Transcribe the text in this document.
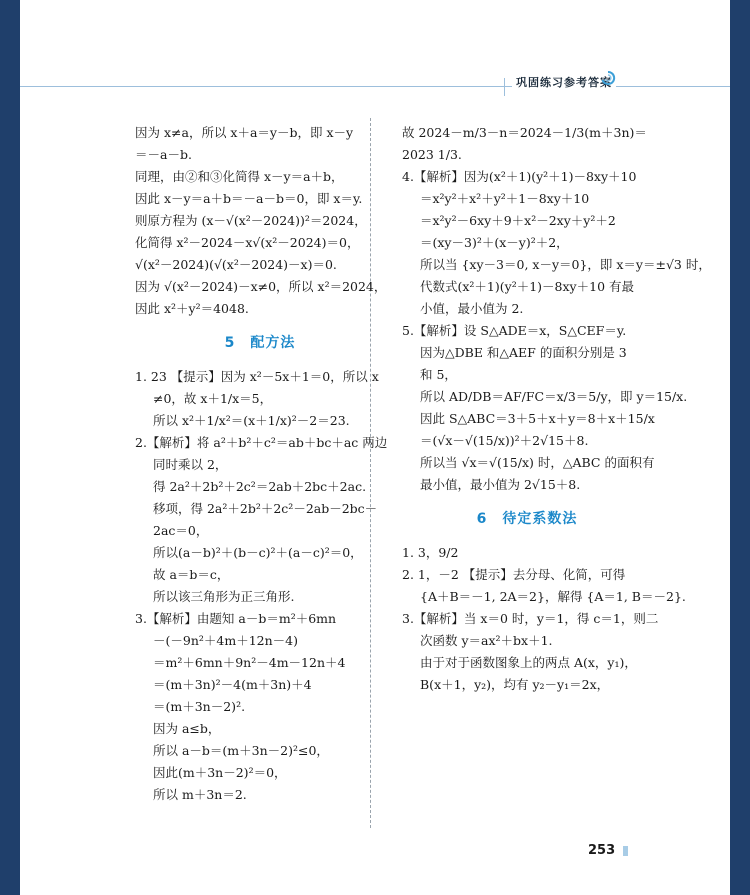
巩固练习参考答案
因为 x≠a，所以 x＋a＝y－b，即 x－y
＝－a－b.
同理，由②和③化简得 x－y＝a＋b，
因此 x－y＝a＋b＝－a－b＝0，即 x＝y.
则原方程为 (x－√(x²－2024))²＝2024，
化简得 x²－2024－x√(x²－2024)＝0，
√(x²－2024)(√(x²－2024)－x)＝0.
因为 √(x²－2024)－x≠0，所以 x²＝2024，
因此 x²＋y²＝4048.
5　配方法
1. 23 【提示】因为 x²－5x＋1＝0，所以 x
≠0，故 x＋1/x＝5，
所以 x²＋1/x²＝(x＋1/x)²－2＝23.
2.【解析】将 a²＋b²＋c²＝ab＋bc＋ac 两边
同时乘以 2，
得 2a²＋2b²＋2c²＝2ab＋2bc＋2ac.
移项，得 2a²＋2b²＋2c²－2ab－2bc－
2ac＝0，
所以(a－b)²＋(b－c)²＋(a－c)²＝0，
故 a＝b＝c，
所以该三角形为正三角形.
3.【解析】由题知 a－b＝m²＋6mn
－(－9n²＋4m＋12n－4)
＝m²＋6mn＋9n²－4m－12n＋4
＝(m＋3n)²－4(m＋3n)＋4
＝(m＋3n－2)².
因为 a≤b，
所以 a－b＝(m＋3n－2)²≤0，
因此(m＋3n－2)²＝0，
所以 m＋3n＝2.
故 2024－m/3－n＝2024－1/3(m＋3n)＝
2023 1/3.
4.【解析】因为(x²＋1)(y²＋1)－8xy＋10
＝x²y²＋x²＋y²＋1－8xy＋10
＝x²y²－6xy＋9＋x²－2xy＋y²＋2
＝(xy－3)²＋(x－y)²＋2，
所以当 {xy－3＝0, x－y＝0}，即 x＝y＝±√3 时，
代数式(x²＋1)(y²＋1)－8xy＋10 有最
小值，最小值为 2.
5.【解析】设 S△ADE＝x，S△CEF＝y.
因为△DBE 和△AEF 的面积分别是 3
和 5，
所以 AD/DB＝AF/FC＝x/3＝5/y，即 y＝15/x.
因此 S△ABC＝3＋5＋x＋y＝8＋x＋15/x
＝(√x－√(15/x))²＋2√15＋8.
所以当 √x＝√(15/x) 时，△ABC 的面积有
最小值，最小值为 2√15＋8.
6　待定系数法
1. 3，9/2
2. 1，－2 【提示】去分母、化简，可得
{A＋B＝－1, 2A＝2}，解得 {A＝1, B＝－2}.
3.【解析】当 x＝0 时，y＝1，得 c＝1，则二
次函数 y＝ax²＋bx＋1.
由于对于函数图象上的两点 A(x，y₁)，
B(x＋1，y₂)，均有 y₂－y₁＝2x，
253
